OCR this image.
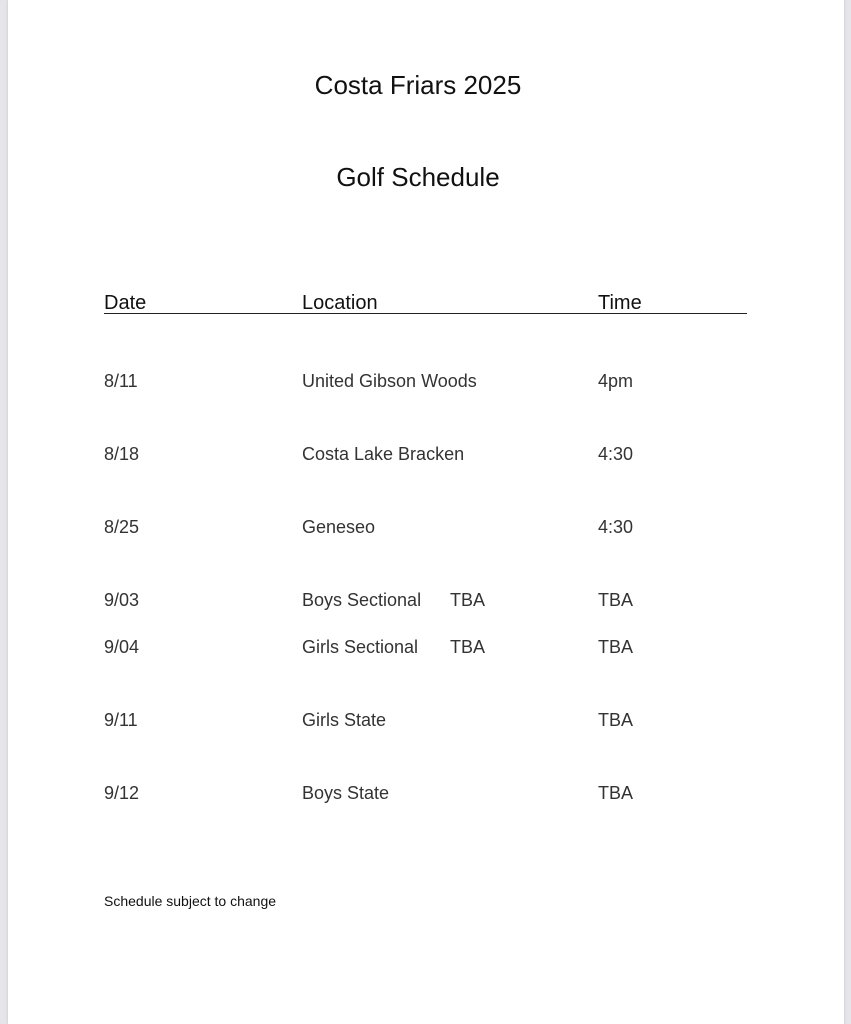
Costa Friars 2025
Golf Schedule
Date	Location	Time
8/11	United Gibson Woods	4pm
8/18	Costa Lake Bracken	4:30
8/25	Geneseo	4:30
9/03	Boys Sectional TBA	TBA
9/04	Girls Sectional TBA	TBA
9/11	Girls State	TBA
9/12	Boys State	TBA
Schedule subject to change
